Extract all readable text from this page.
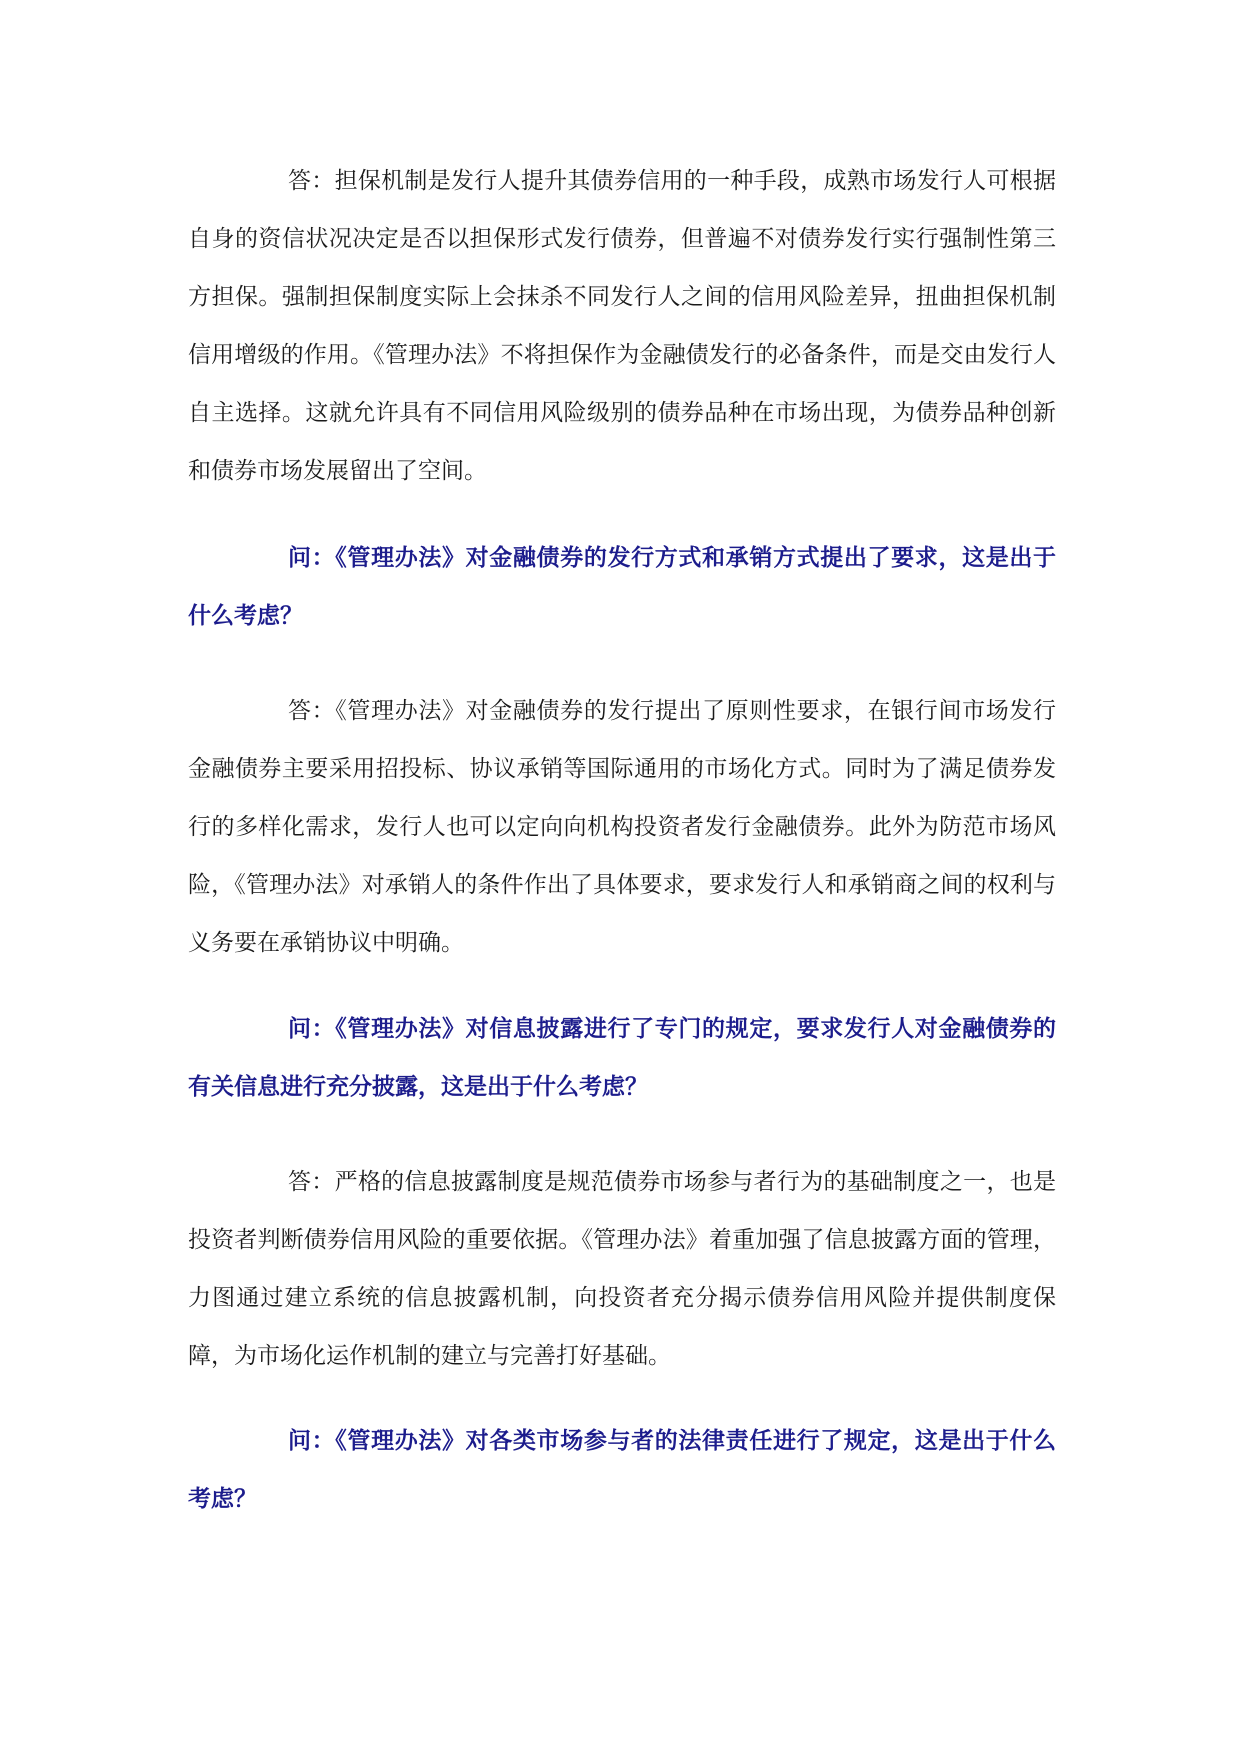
答：担保机制是发行人提升其债券信用的一种手段，成熟市场发行人可根据自身的资信状况决定是否以担保形式发行债券，但普遍不对债券发行实行强制性第三方担保。强制担保制度实际上会抹杀不同发行人之间的信用风险差异，扭曲担保机制信用增级的作用。《管理办法》不将担保作为金融债发行的必备条件，而是交由发行人自主选择。这就允许具有不同信用风险级别的债券品种在市场出现，为债券品种创新和债券市场发展留出了空间。

问：《管理办法》对金融债券的发行方式和承销方式提出了要求，这是出于什么考虑？

答：《管理办法》对金融债券的发行提出了原则性要求，在银行间市场发行金融债券主要采用招投标、协议承销等国际通用的市场化方式。同时为了满足债券发行的多样化需求，发行人也可以定向向机构投资者发行金融债券。此外为防范市场风险，《管理办法》对承销人的条件作出了具体要求，要求发行人和承销商之间的权利与义务要在承销协议中明确。

问：《管理办法》对信息披露进行了专门的规定，要求发行人对金融债券的有关信息进行充分披露，这是出于什么考虑？

答：严格的信息披露制度是规范债券市场参与者行为的基础制度之一，也是投资者判断债券信用风险的重要依据。《管理办法》着重加强了信息披露方面的管理，力图通过建立系统的信息披露机制，向投资者充分揭示债券信用风险并提供制度保障，为市场化运作机制的建立与完善打好基础。

问：《管理办法》对各类市场参与者的法律责任进行了规定，这是出于什么考虑？
